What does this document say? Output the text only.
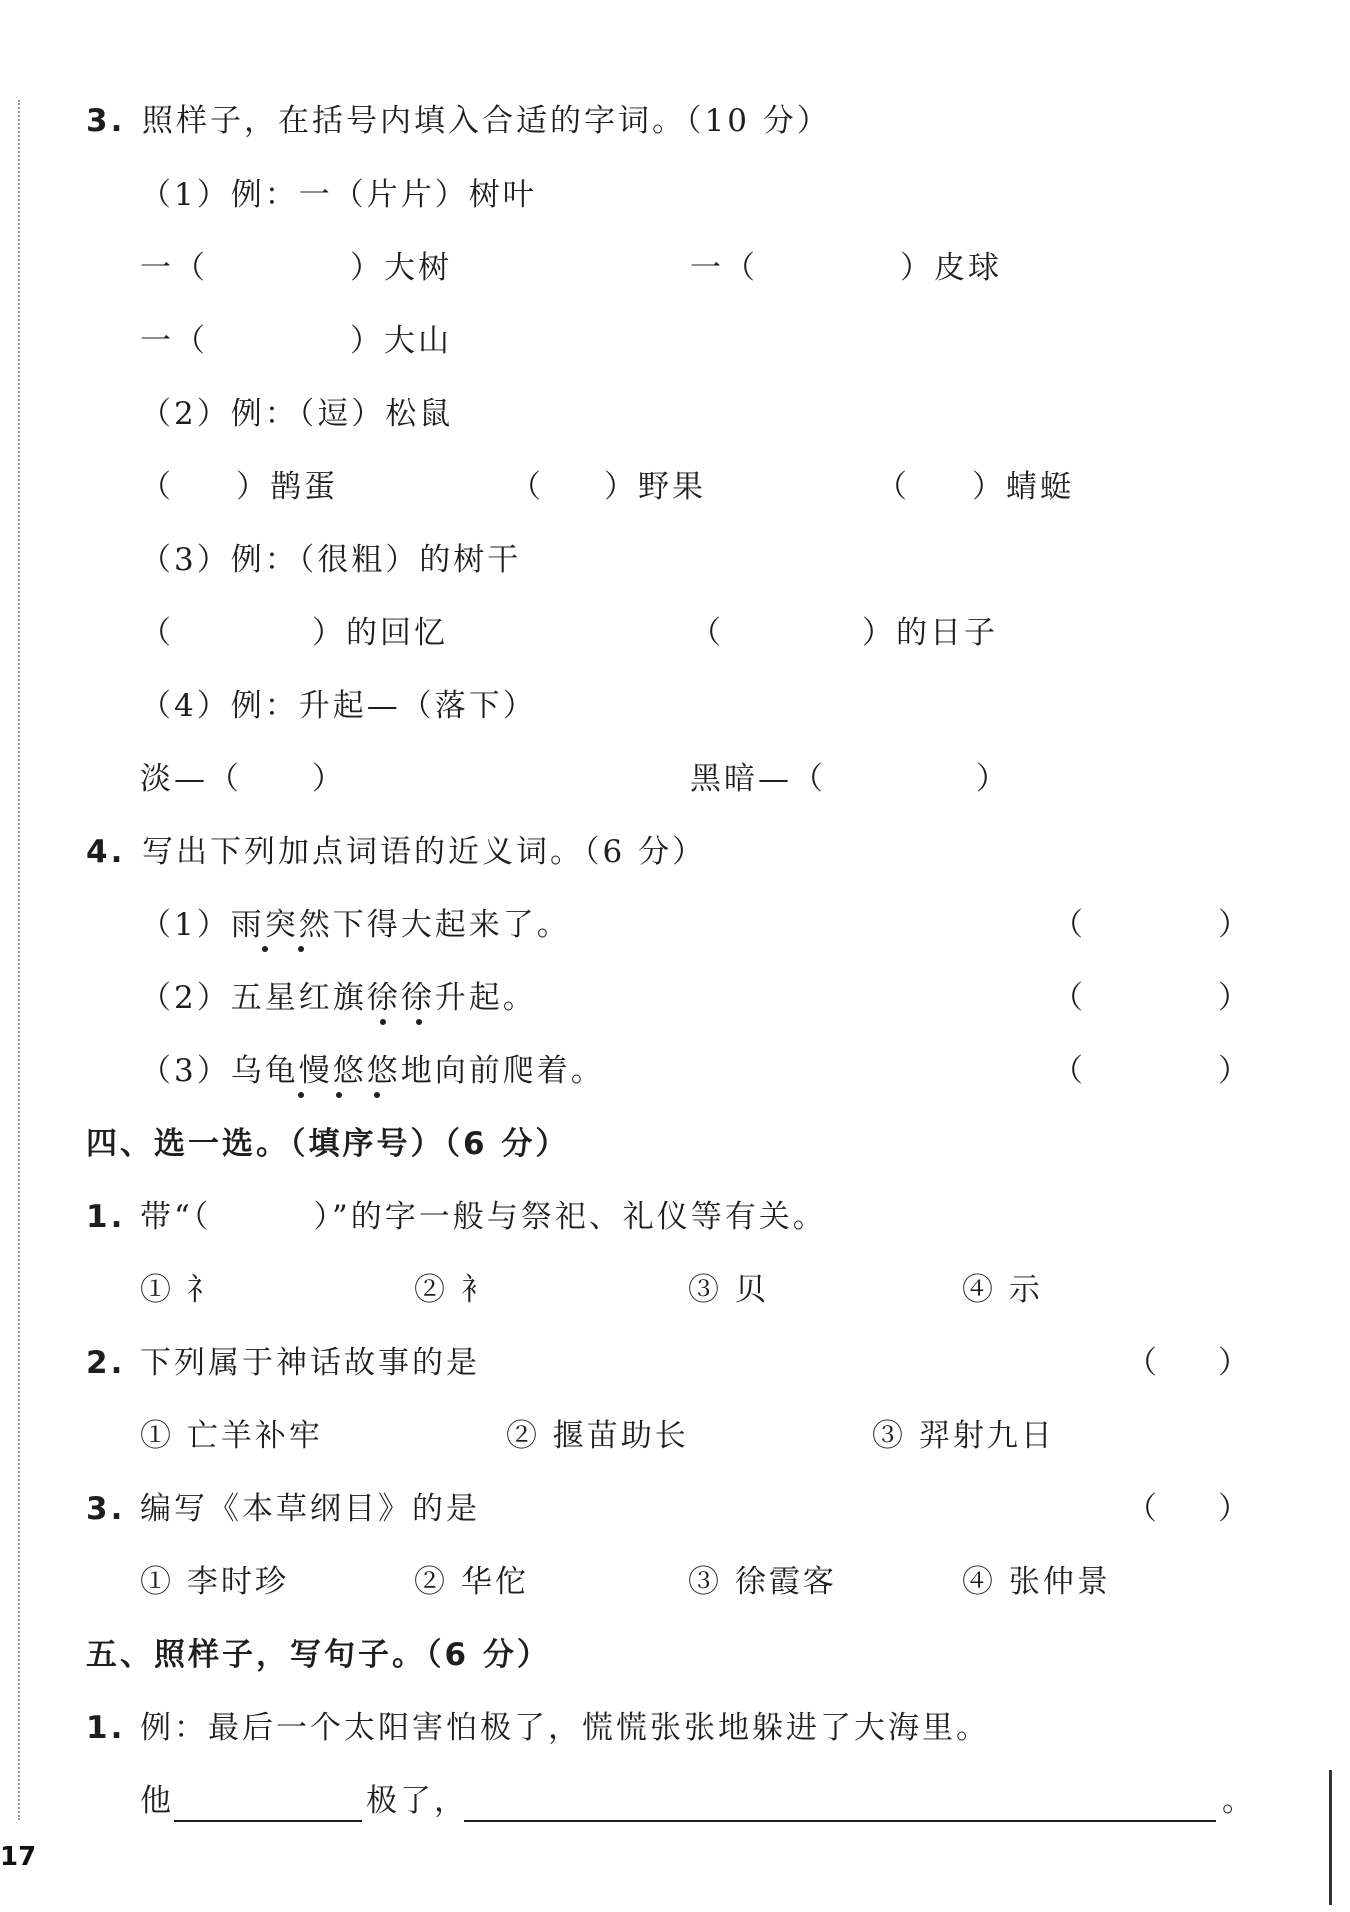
3. 照样子，在括号内填入合适的字词。（10 分）
（1）例：一（片片）树叶
一（	）大树	一（	）皮球
一（	）大山
（2）例：（逗）松鼠
（ ）鹊蛋	（ ）野果	（ ）蜻蜓
（3）例：（很粗）的树干
（	）的回忆	（	）的日子
（4）例：升起—（落下）
淡—（ ）	黑暗—（	）
4. 写出下列加点词语的近义词。（6 分）
（1）雨突然下得大起来了。	（	）
（2）五星红旗徐徐升起。	（	）
（3）乌龟慢悠悠地向前爬着。	（	）
四、选一选。（填序号）（6 分）
1. 带“（　　　）”的字一般与祭祀、礼仪等有关。
① 礻	② 衤	③ 贝	④ 示
2. 下列属于神话故事的是	（ ）
① 亡羊补牢	② 揠苗助长	③ 羿射九日
3. 编写《本草纲目》的是	（ ）
① 李时珍	② 华佗	③ 徐霞客	④ 张仲景
五、照样子，写句子。（6 分）
1. 例：最后一个太阳害怕极了，慌慌张张地躲进了大海里。
他	极了，	。
17
